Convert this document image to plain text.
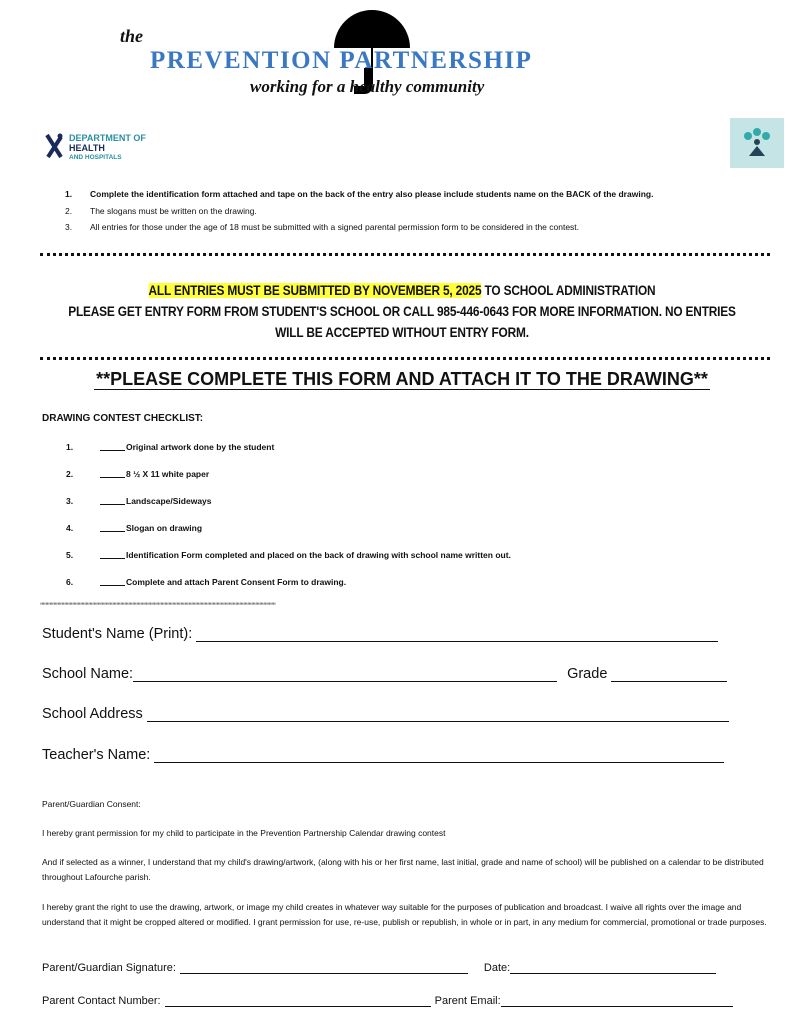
the
PREVENTION PARTNERSHIP
working for a healthy community
DEPARTMENT OF
HEALTH
AND HOSPITALS
1.	Complete the identification form attached and tape on the back of the entry also please include students name on the BACK of the drawing.
2.	The slogans must be written on the drawing.
3.	All entries for those under the age of 18 must be submitted with a signed parental permission form to be considered in the contest.
ALL ENTRIES MUST BE SUBMITTED BY NOVEMBER 5, 2025 TO SCHOOL ADMINISTRATION
PLEASE GET ENTRY FORM FROM STUDENT'S SCHOOL OR CALL 985-446-0643 FOR MORE INFORMATION. NO ENTRIES
WILL BE ACCEPTED WITHOUT ENTRY FORM.
**PLEASE COMPLETE THIS FORM AND ATTACH IT TO THE DRAWING**
DRAWING CONTEST CHECKLIST:
1.	Original artwork done by the student
2.	8 ½ X 11 white paper
3.	Landscape/Sideways
4.	Slogan on drawing
5.	Identification Form completed and placed on the back of drawing with school name written out.
6.	Complete and attach Parent Consent Form to drawing.
‘‘‘‘‘‘‘‘‘‘‘‘‘‘‘‘‘‘‘‘‘‘‘‘‘‘‘‘‘‘‘‘‘‘‘‘‘‘‘‘‘‘‘‘‘‘‘‘‘‘‘‘‘‘‘‘‘‘‘‘‘‘‘‘‘‘‘‘‘‘‘‘‘‘‘‘‘‘‘‘‘‘‘‘‘‘‘‘‘‘‘‘‘‘‘‘‘‘‘‘‘‘‘‘‘‘‘‘‘‘‘‘‘‘‘‘‘‘‘‘‘‘‘‘‘‘‘‘‘‘‘‘‘‘‘‘‘‘‘‘‘‘‘‘‘‘‘‘‘‘‘‘‘‘‘‘‘‘‘‘‘‘‘‘‘‘‘‘‘‘‘‘‘‘‘‘
Student's Name (Print):
School Name:	Grade
School Address
Teacher's Name:
Parent/Guardian Consent:
I hereby grant permission for my child to participate in the Prevention Partnership Calendar drawing contest
And if selected as a winner, I understand that my child's drawing/artwork, (along with his or her first name, last initial, grade and name of school) will be published on a calendar to be distributed throughout Lafourche parish.
I hereby grant the right to use the drawing, artwork, or image my child creates in whatever way suitable for the purposes of publication and broadcast. I waive all rights over the image and understand that it might be cropped altered or modified. I grant permission for use, re-use, publish or republish, in whole or in part, in any medium for commercial, promotional or trade purposes.
Parent/Guardian Signature:	Date:
Parent Contact Number:	Parent Email:
